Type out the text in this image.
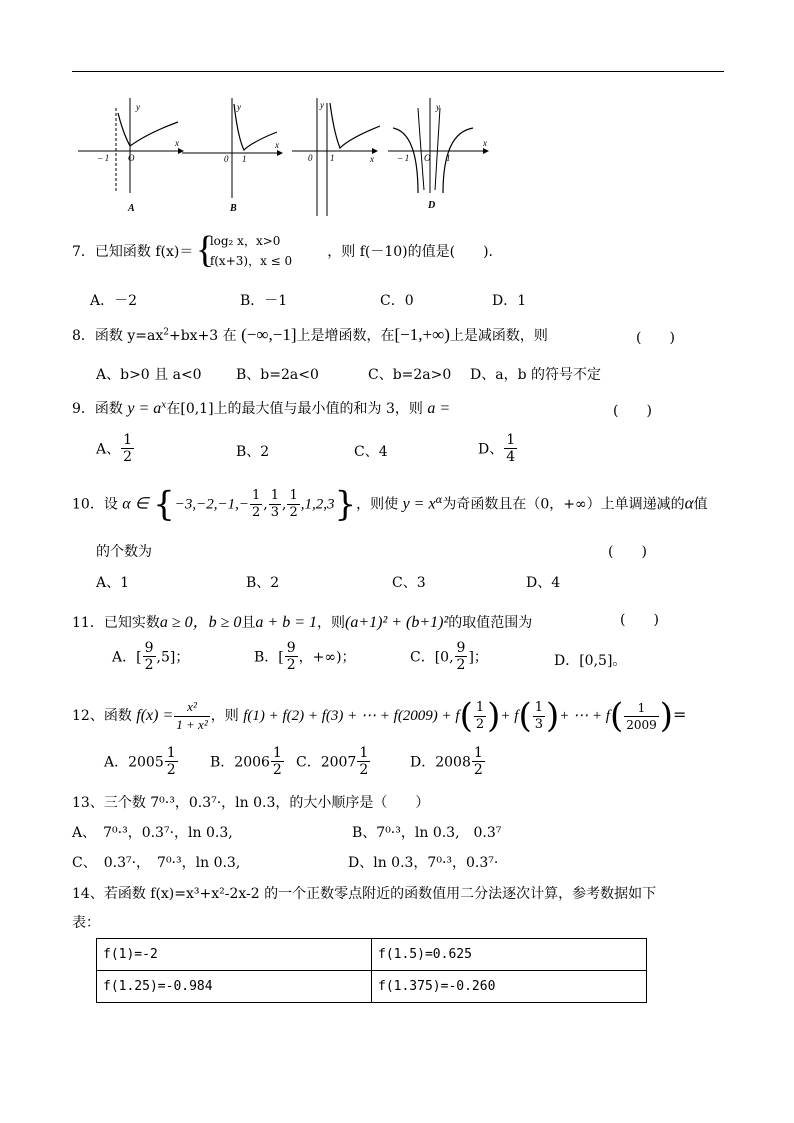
y
x
– 1 O
A
y
x
0 1
B
y
x
0 1
y
x
– 1 O 1
D
7．已知函数 f(x)＝ {
log₂ x，x>0
f(x+3)，x ≤ 0
，则 f(－10)的值是(　　).
A．－2	B．－1	C．0	D．1
8．函数 $y=ax^2+bx+3$ 在 (−∞,−1]上是增函数，在[−1,+∞)上是减函数，则	(　　)
A、b>0 且 a<0 B、b=2a<0	C、b=2a>0 D、a，b 的符号不定
9．函数 $y = a^x$在[0,1]上的最大值与最小值的和为 3，则 a =	(　　)
A、 $\frac{1}{2}$	B、2	C、4	D、 $\frac{1}{4}$
10．设 α ∈ {$-3,-2,-1,- \frac{1}{2}$ , $\frac{1}{3}$ , $\frac{1}{2} ,1,2,3$}，则使 $y = x^\alpha$为奇函数且在（0，+∞）上单调递减的α值
的个数为	(　　)
A、1	B、2	C、3	D、4
11．已知实数a ≥ 0，b ≥ 0且a + b = 1，则(a+1)² + (b+1)²的取值范围为	(　　)
A．[ $\frac{9}{2} ,5$]；	B．[ $\frac{9}{2}$ ，+∞)；	C．[0, $\frac{9}{2}$ ]；	D．[0,5]。
12、函数 $f(x) = \frac{\text{x²}}{\text{1 + x²}}$ ，则 f(1) + f(2) + f(3) + ⋯ + $f(2009) + f( \frac{1}{2}$ )+ $f( \frac{1}{3}$ )+ ⋯ + $f( \frac{1}{2009}$ )=
A．$2005 \frac{1}{2}$ B．$2006 \frac{1}{2}$ C．$2007 \frac{1}{2}$	D．$2008 \frac{1}{2}$
13、三个数 7⁰·³，0.3⁷·，ln 0.3，的大小顺序是（　　）
A、　7⁰·³，0.3⁷·，ln 0.3,	B、7⁰·³，ln 0.3,　0.3⁷
C、　0.3⁷·，　7⁰·³，ln 0.3,	D、ln 0.3，7⁰·³，0.3⁷·
14、若函数 f(x)=x³+x²-2x-2 的一个正数零点附近的函数值用二分法逐次计算，参考数据如下
表：
f(1)=-2	f(1.5)=0.625
f(1.25)=-0.984	f(1.375)=-0.260
